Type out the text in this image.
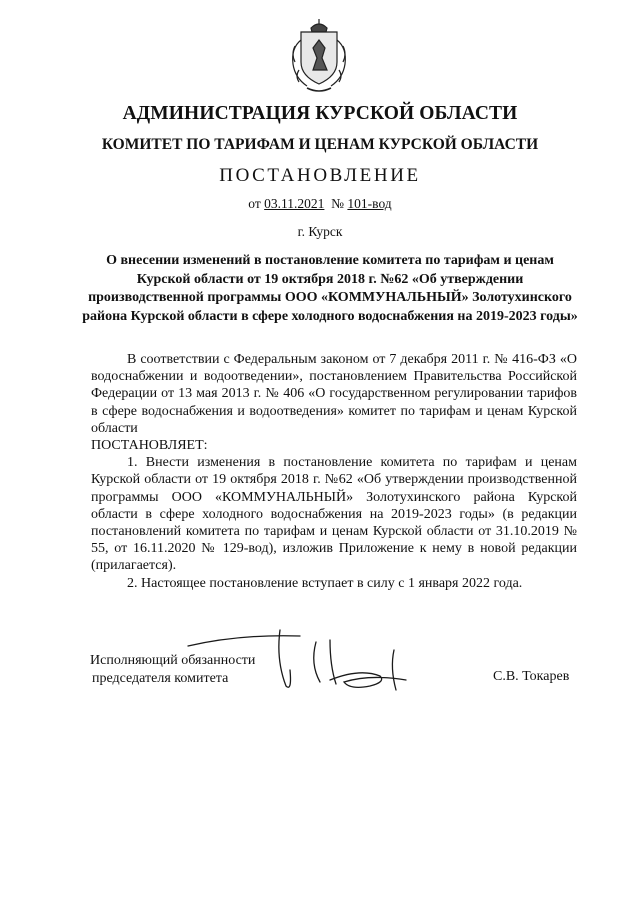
АДМИНИСТРАЦИЯ КУРСКОЙ ОБЛАСТИ
КОМИТЕТ ПО ТАРИФАМ И ЦЕНАМ КУРСКОЙ ОБЛАСТИ
ПОСТАНОВЛЕНИЕ
от 03.11.2021 № 101-вод
г. Курск
О внесении изменений в постановление комитета по тарифам и ценам Курской области от 19 октября 2018 г. №62 «Об утверждении производственной программы ООО «КОММУНАЛЬНЫЙ» Золотухинского района Курской области в сфере холодного водоснабжения на 2019-2023 годы»

В соответствии с Федеральным законом от 7 декабря 2011 г. № 416-ФЗ «О водоснабжении и водоотведении», постановлением Правительства Российской Федерации от 13 мая 2013 г. № 406 «О государственном регулировании тарифов в сфере водоснабжения и водоотведения» комитет по тарифам и ценам Курской области

ПОСТАНОВЛЯЕТ:

1. Внести изменения в постановление комитета по тарифам и ценам Курской области от 19 октября 2018 г. №62 «Об утверждении производственной программы ООО «КОММУНАЛЬНЫЙ» Золотухинского района Курской области в сфере холодного водоснабжения на 2019-2023 годы» (в редакции постановлений комитета по тарифам и ценам Курской области от 31.10.2019 № 55, от 16.11.2020 № 129-вод), изложив Приложение к нему в новой редакции (прилагается).

2. Настоящее постановление вступает в силу с 1 января 2022 года.

Исполняющий обязанности
председателя комитета	С.В. Токарев
